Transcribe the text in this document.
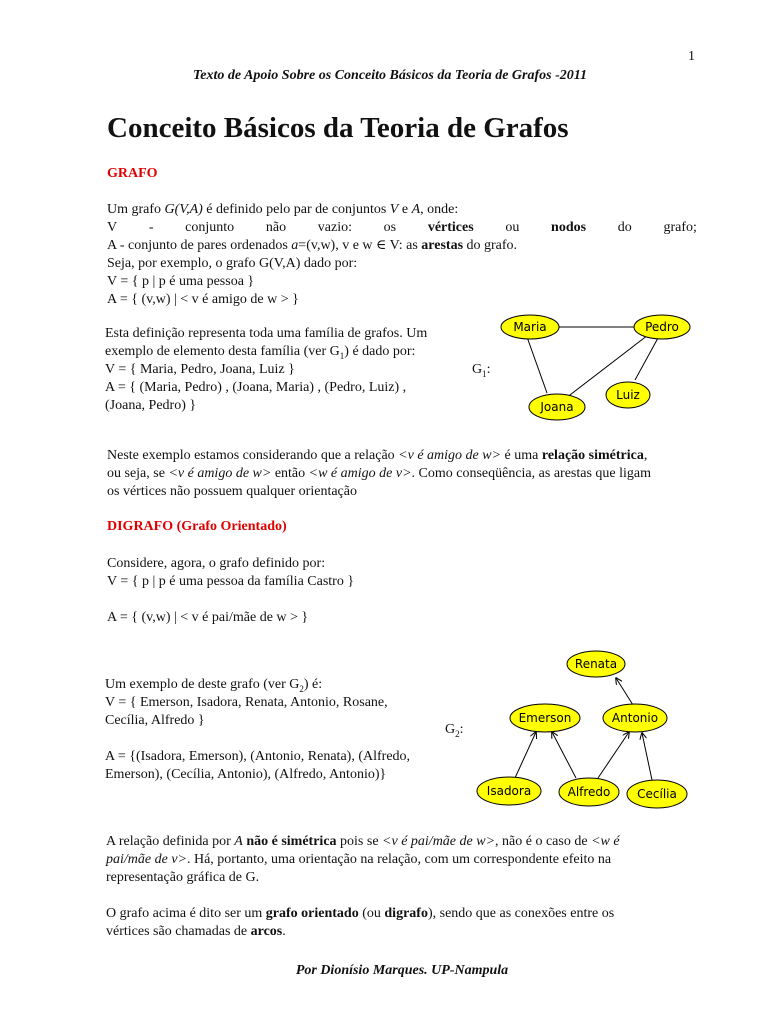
1
Texto de Apoio Sobre os Conceito Básicos da Teoria de Grafos -2011
Conceito Básicos da Teoria de Grafos
GRAFO
Um grafo G(V,A) é definido pelo par de conjuntos V e A, onde:
V - conjunto não vazio: os vértices ou nodos do grafo;
A - conjunto de pares ordenados a=(v,w), v e w ∈ V: as arestas do grafo.
Seja, por exemplo, o grafo G(V,A) dado por:
V = { p | p é uma pessoa }
A = { (v,w) | < v é amigo de w > }
Esta definição representa toda uma família de grafos. Um
exemplo de elemento desta família (ver $G_1$) é dado por:
V = { Maria, Pedro, Joana, Luiz }
A = { (Maria, Pedro) , (Joana, Maria) , (Pedro, Luiz) ,
(Joana, Pedro) }
$G_1$:
Maria	Pedro
Joana
Luiz
Neste exemplo estamos considerando que a relação <v é amigo de w> é uma relação simétrica,
ou seja, se <v é amigo de w> então <w é amigo de v>. Como conseqüência, as arestas que ligam
os vértices não possuem qualquer orientação
DIGRAFO (Grafo Orientado)
Considere, agora, o grafo definido por:
V = { p | p é uma pessoa da família Castro }
A = { (v,w) | < v é pai/mãe de w > }
Um exemplo de deste grafo (ver $G_2$) é:
V = { Emerson, Isadora, Renata, Antonio, Rosane,
Cecília, Alfredo }
A = {(Isadora, Emerson), (Antonio, Renata), (Alfredo,
Emerson), (Cecília, Antonio), (Alfredo, Antonio)}
$G_2$:
Renata
Emerson	Antonio
Isadora	Alfredo Cecília
A relação definida por A não é simétrica pois se <v é pai/mãe de w>, não é o caso de <w é
pai/mãe de v>. Há, portanto, uma orientação na relação, com um correspondente efeito na
representação gráfica de G.
O grafo acima é dito ser um grafo orientado (ou digrafo), sendo que as conexões entre os
vértices são chamadas de arcos.
Por Dionísio Marques. UP-Nampula
